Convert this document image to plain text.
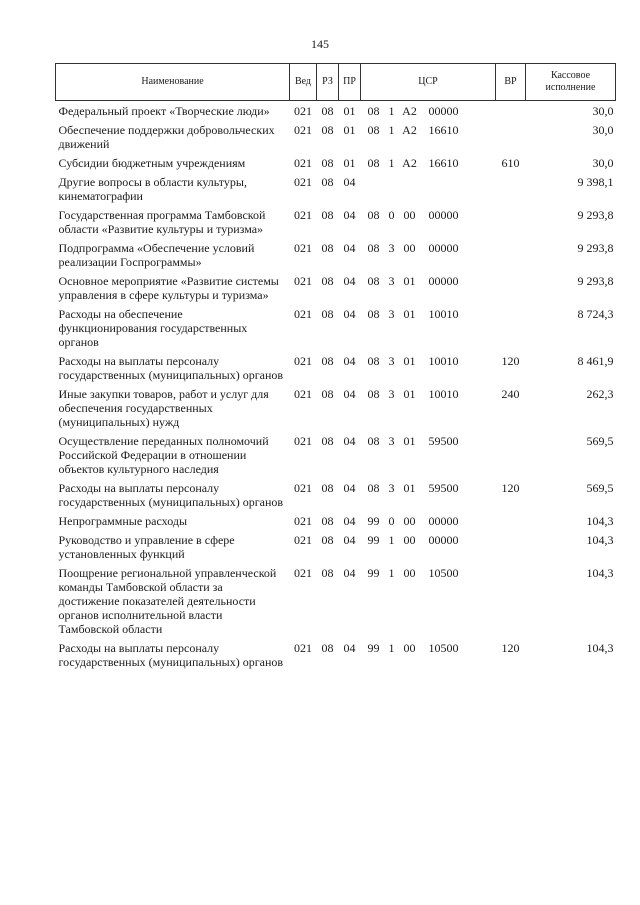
145
Наименование	Вед	РЗ	ПР	ЦСР	ВР	Кассовое исполнение
Федеральный проект «Творческие люди»	021	08	01	08 1 A2 00000		30,0
Обеспечение поддержки добровольческих движений	021	08	01	08 1 A2 16610		30,0
Субсидии бюджетным учреждениям	021	08	01	08 1 A2 16610	610	30,0
Другие вопросы в области культуры, кинематографии	021	08	04			9 398,1
Государственная программа Тамбовской области «Развитие культуры и туризма»	021	08	04	08 0 00 00000		9 293,8
Подпрограмма «Обеспечение условий реализации Госпрограммы»	021	08	04	08 3 00 00000		9 293,8
Основное мероприятие «Развитие системы управления в сфере культуры и туризма»	021	08	04	08 3 01 00000		9 293,8
Расходы на обеспечение функционирования государственных органов	021	08	04	08 3 01 10010		8 724,3
Расходы на выплаты персоналу государственных (муниципальных) органов	021	08	04	08 3 01 10010	120	8 461,9
Иные закупки товаров, работ и услуг для обеспечения государственных (муниципальных) нужд	021	08	04	08 3 01 10010	240	262,3
Осуществление переданных полномочий Российской Федерации в отношении объектов культурного наследия	021	08	04	08 3 01 59500		569,5
Расходы на выплаты персоналу государственных (муниципальных) органов	021	08	04	08 3 01 59500	120	569,5
Непрограммные расходы	021	08	04	99 0 00 00000		104,3
Руководство и управление в сфере установленных функций	021	08	04	99 1 00 00000		104,3
Поощрение региональной управленческой команды Тамбовской области за достижение показателей деятельности органов исполнительной власти Тамбовской области	021	08	04	99 1 00 10500		104,3
Расходы на выплаты персоналу государственных (муниципальных) органов	021	08	04	99 1 00 10500	120	104,3
